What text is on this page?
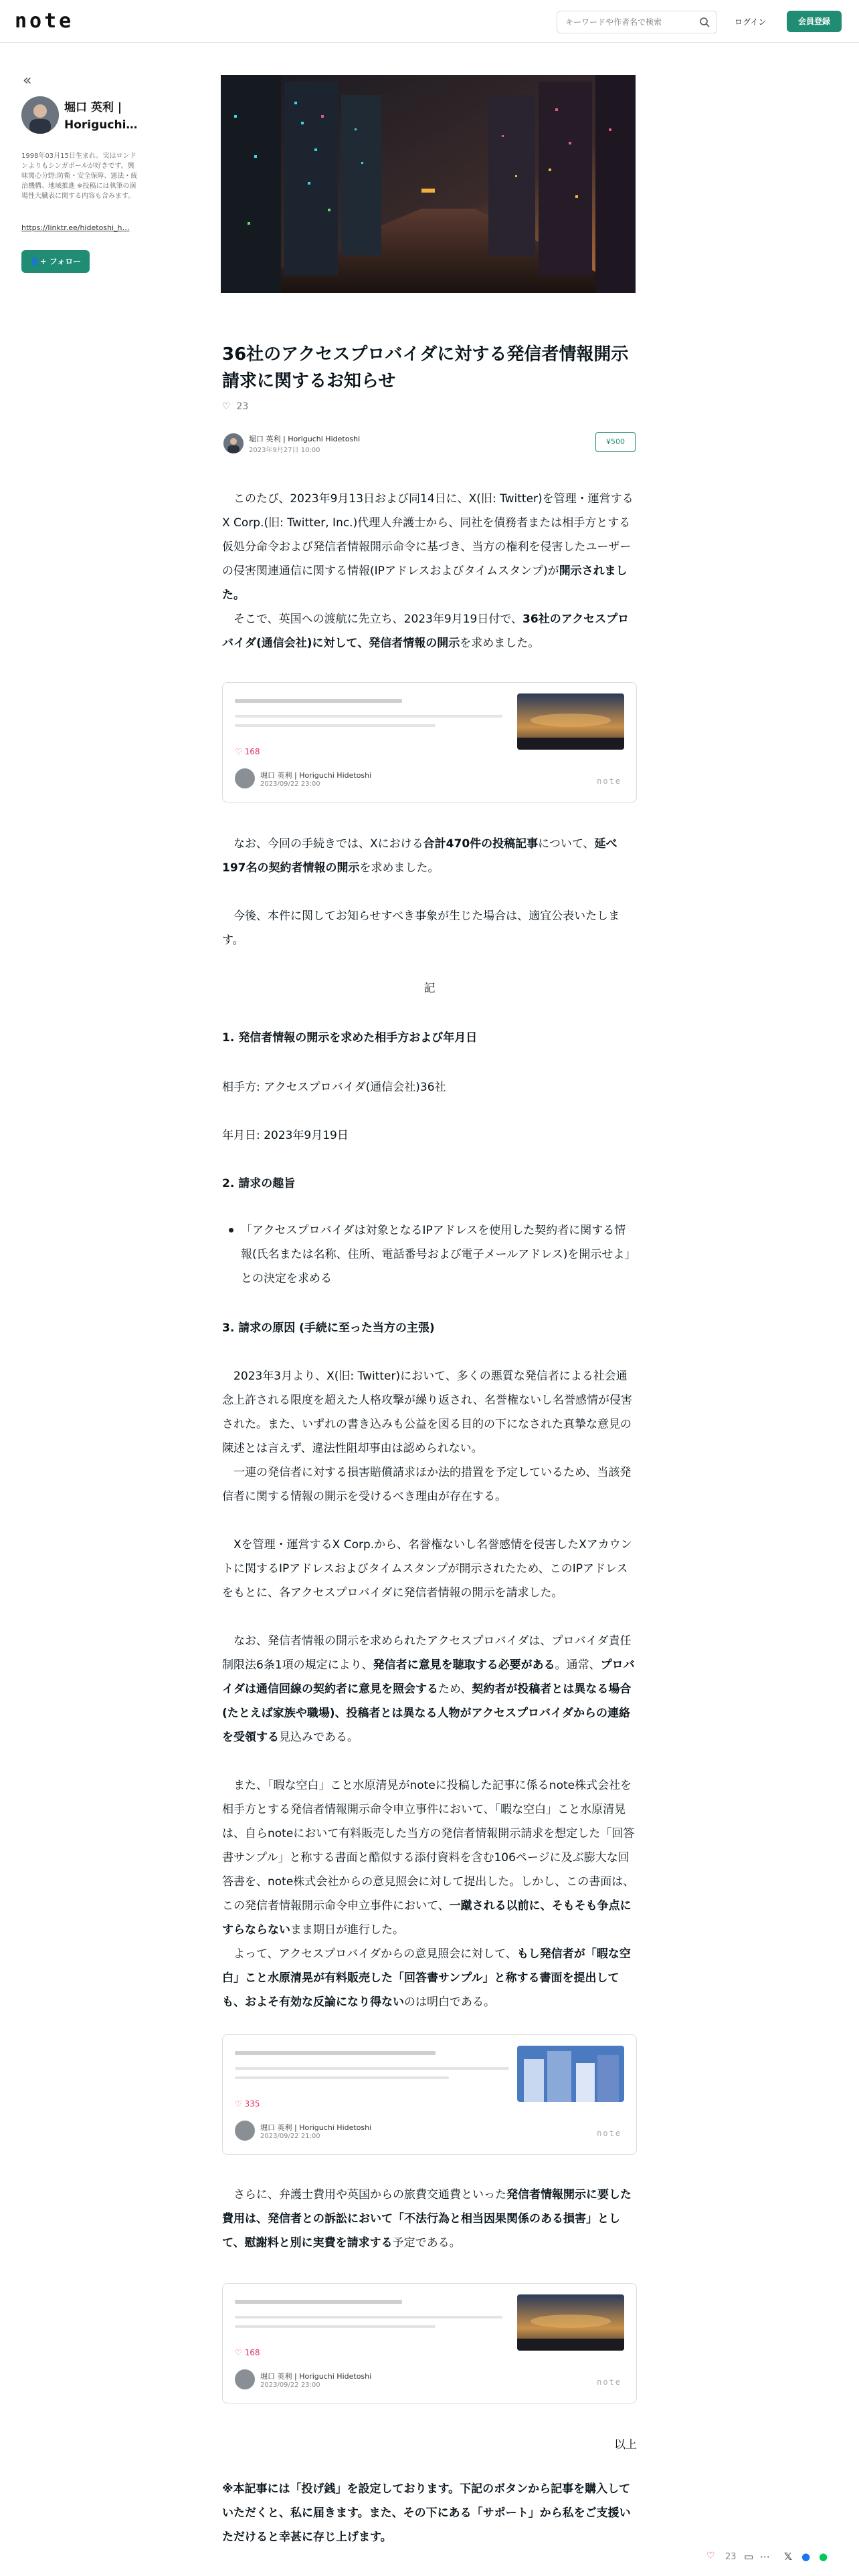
note
キーワードや作者名で検索	ログイン	会員登録
«
堀口 英利 | Horiguchi…
1998年03月15日生まれ。実はロンドンよりもシンガポールが好きです。興味関心分野:防衛・安全保障、憲法・統治機構、地域推進 ※投稿には執筆の満場性大臓表に関する内容も含みます。
https://linktr.ee/hidetoshi_h…
👤+ フォロー
36社のアクセスプロバイダに対する発信者情報開示請求に関するお知らせ
♡ 23
堀口 英利 | Horiguchi Hidetoshi
2023年9月27日 10:00
¥500

このたび、2023年9月13日および同14日に、X(旧: Twitter)を管理・運営するX Corp.(旧: Twitter, Inc.)代理人弁護士から、同社を債務者または相手方とする仮処分命令および発信者情報開示命令に基づき、当方の権利を侵害したユーザーの侵害関連通信に関する情報(IPアドレスおよびタイムスタンプ)が開示されました。

そこで、英国への渡航に先立ち、2023年9月19日付で、36社のアクセスプロバイダ(通信会社)に対して、発信者情報の開示を求めました。

♡ 168
堀口 英利 | Horiguchi Hidetoshi
2023/09/22 23:00	note

なお、今回の手続きでは、Xにおける合計470件の投稿記事について、延べ197名の契約者情報の開示を求めました。

今後、本件に関してお知らせすべき事象が生じた場合は、適宜公表いたします。

記
1. 発信者情報の開示を求めた相手方および年月日
相手方: アクセスプロバイダ(通信会社)36社
年月日: 2023年9月19日
2. 請求の趣旨
「アクセスプロバイダは対象となるIPアドレスを使用した契約者に関する情報(氏名または名称、住所、電話番号および電子メールアドレス)を開示せよ」との決定を求める
3. 請求の原因 (手続に至った当方の主張)

2023年3月より、X(旧: Twitter)において、多くの悪質な発信者による社会通念上許される限度を超えた人格攻撃が繰り返され、名誉権ないし名誉感情が侵害された。また、いずれの書き込みも公益を図る目的の下になされた真摯な意見の陳述とは言えず、違法性阻却事由は認められない。

一連の発信者に対する損害賠償請求ほか法的措置を予定しているため、当該発信者に関する情報の開示を受けるべき理由が存在する。

Xを管理・運営するX Corp.から、名誉権ないし名誉感情を侵害したXアカウントに関するIPアドレスおよびタイムスタンプが開示されたため、このIPアドレスをもとに、各アクセスプロバイダに発信者情報の開示を請求した。

なお、発信者情報の開示を求められたアクセスプロバイダは、プロバイダ責任制限法6条1項の規定により、発信者に意見を聴取する必要がある。通常、プロバイダは通信回線の契約者に意見を照会するため、契約者が投稿者とは異なる場合(たとえば家族や職場)、投稿者とは異なる人物がアクセスプロバイダからの連絡を受領する見込みである。

また、「暇な空白」こと水原清晃がnoteに投稿した記事に係るnote株式会社を相手方とする発信者情報開示命令申立事件において、「暇な空白」こと水原清晃は、自らnoteにおいて有料販売した当方の発信者情報開示請求を想定した「回答書サンプル」と称する書面と酷似する添付資料を含む106ページに及ぶ膨大な回答書を、note株式会社からの意見照会に対して提出した。しかし、この書面は、この発信者情報開示命令申立事件において、一蹴される以前に、そもそも争点にすらならないまま期日が進行した。

よって、アクセスプロバイダからの意見照会に対して、もし発信者が「暇な空白」こと水原清晃が有料販売した「回答書サンプル」と称する書面を提出しても、およそ有効な反論になり得ないのは明白である。

♡ 335
堀口 英利 | Horiguchi Hidetoshi
2023/09/22 21:00	note

さらに、弁護士費用や英国からの旅費交通費といった発信者情報開示に要した費用は、発信者との訴訟において「不法行為と相当因果関係のある損害」として、慰謝料と別に実費を請求する予定である。

♡ 168
堀口 英利 | Horiguchi Hidetoshi
2023/09/22 23:00	note
以上

※本記事には「投げ銭」を設定しております。下記のボタンから記事を購入していただくと、私に届きます。また、その下にある「サポート」から私をご支援いただけると幸甚に存じ上げます。

♡ 23 ▭ ⋯ 𝕏 ● ●
